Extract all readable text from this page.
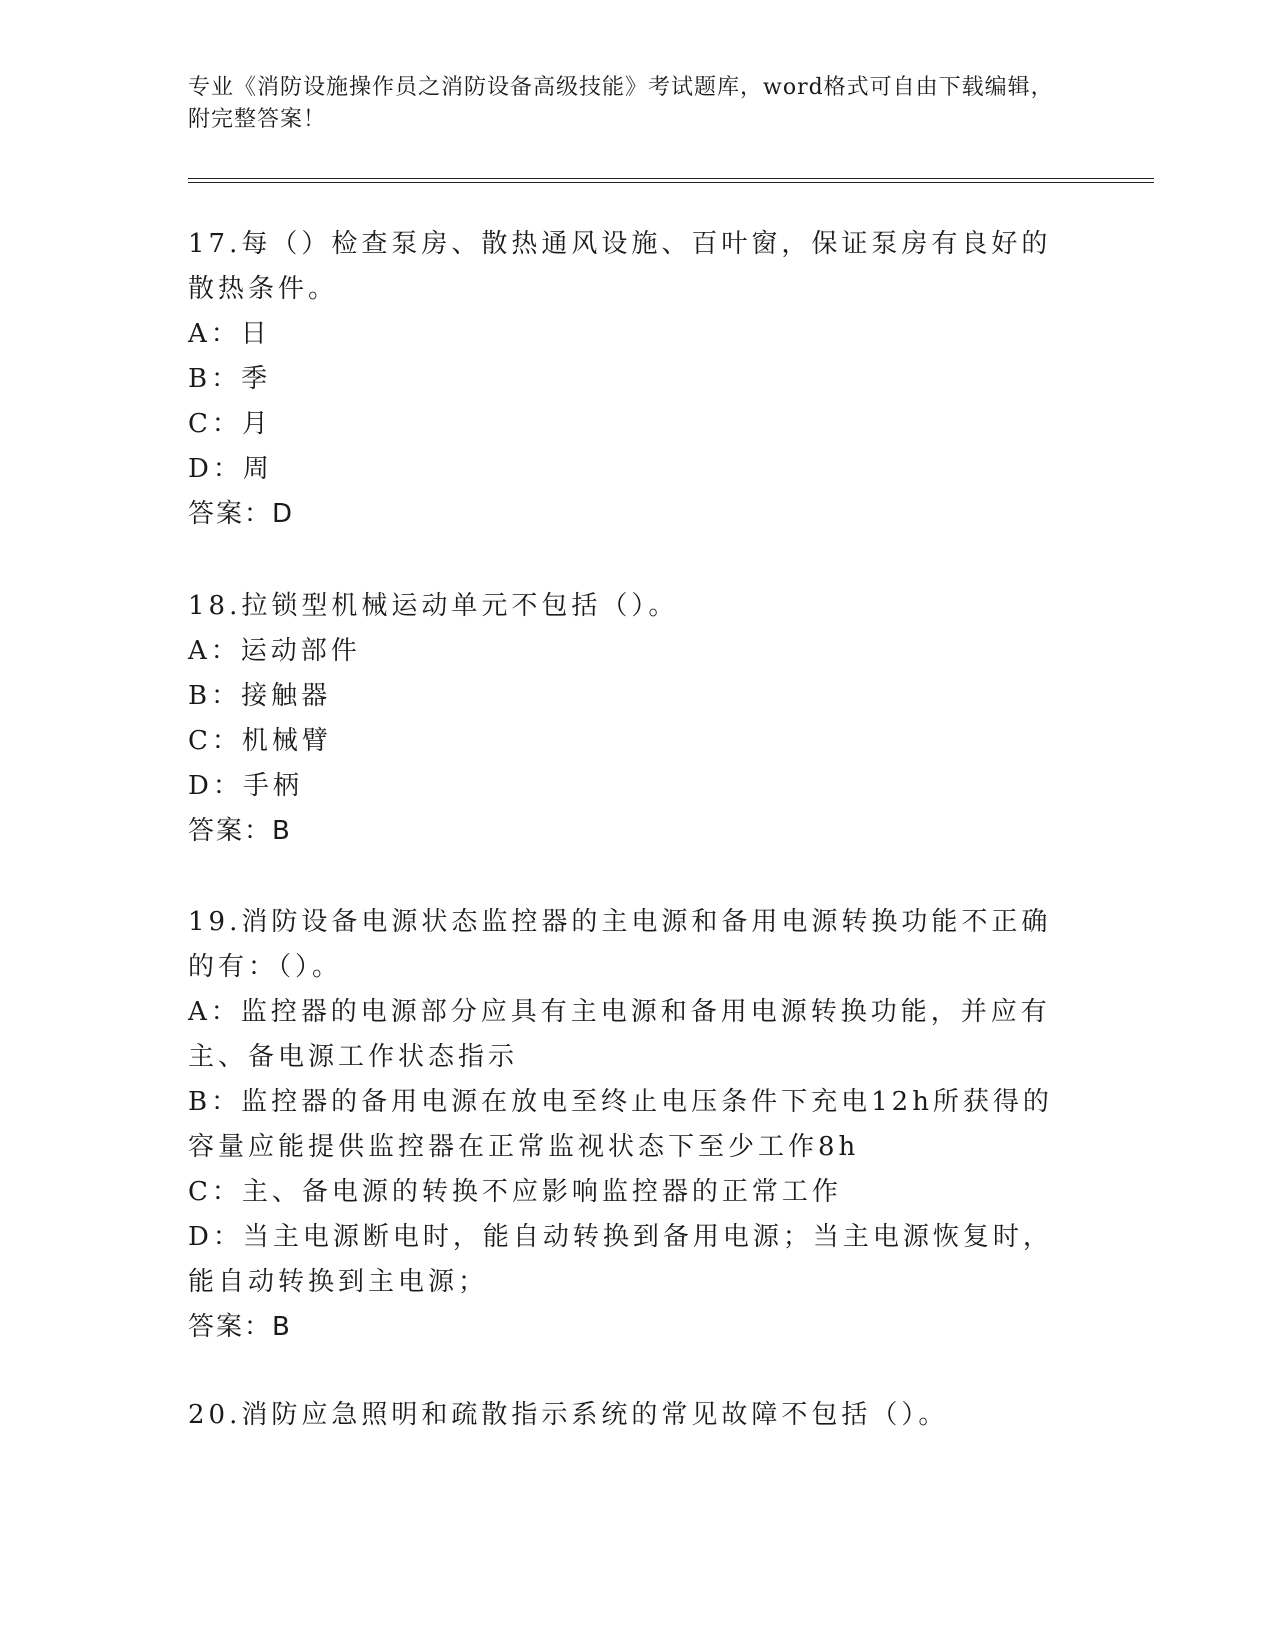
专业《消防设施操作员之消防设备高级技能》考试题库，word格式可自由下载编辑，附完整答案！

17.每（）检查泵房、散热通风设施、百叶窗，保证泵房有良好的散热条件。

A：日

B：季

C：月

D：周

答案：D

18.拉锁型机械运动单元不包括（）。

A：运动部件

B：接触器

C：机械臂

D：手柄

答案：B

19.消防设备电源状态监控器的主电源和备用电源转换功能不正确的有：（）。

A：监控器的电源部分应具有主电源和备用电源转换功能，并应有主、备电源工作状态指示

B：监控器的备用电源在放电至终止电压条件下充电12h所获得的容量应能提供监控器在正常监视状态下至少工作8h

C：主、备电源的转换不应影响监控器的正常工作

D：当主电源断电时，能自动转换到备用电源；当主电源恢复时，能自动转换到主电源；

答案：B

20.消防应急照明和疏散指示系统的常见故障不包括（）。
